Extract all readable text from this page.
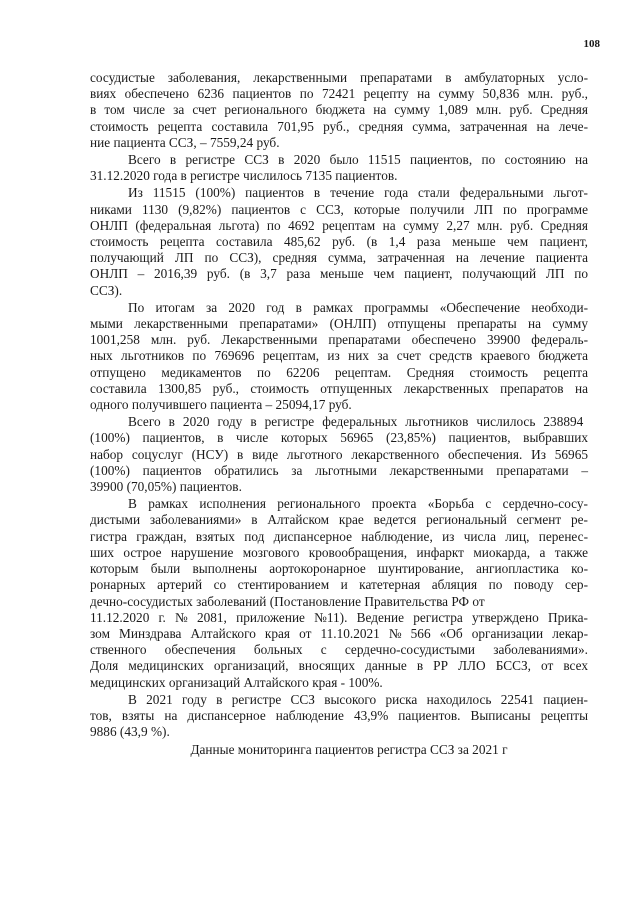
108
сосудистые заболевания, лекарственными препаратами в амбулаторных усло-
виях обеспечено 6236 пациентов по 72421 рецепту на сумму 50,836 млн. руб.,
в том числе за счет регионального бюджета на сумму 1,089 млн. руб. Средняя
стоимость рецепта составила 701,95 руб., средняя сумма, затраченная на лече-
ние пациента ССЗ, – 7559,24 руб.
Всего в регистре ССЗ в 2020 было 11515 пациентов, по состоянию на
31.12.2020 года в регистре числилось 7135 пациентов.
Из 11515 (100%) пациентов в течение года стали федеральными льгот-
никами 1130 (9,82%) пациентов с ССЗ, которые получили ЛП по программе
ОНЛП (федеральная льгота) по 4692 рецептам на сумму 2,27 млн. руб. Средняя
стоимость рецепта составила 485,62 руб. (в 1,4 раза меньше чем пациент,
получающий ЛП по ССЗ), средняя сумма, затраченная на лечение пациента
ОНЛП – 2016,39 руб. (в 3,7 раза меньше чем пациент, получающий ЛП по
ССЗ).
По итогам за 2020 год в рамках программы «Обеспечение необходи-
мыми лекарственными препаратами» (ОНЛП) отпущены препараты на сумму
1001,258 млн. руб. Лекарственными препаратами обеспечено 39900 федераль-
ных льготников по 769696 рецептам, из них за счет средств краевого бюджета
отпущено медикаментов по 62206 рецептам. Средняя стоимость рецепта
составила 1300,85 руб., стоимость отпущенных лекарственных препаратов на
одного получившего пациента – 25094,17 руб.
Всего в 2020 году в регистре федеральных льготников числилось 238894
(100%) пациентов, в числе которых 56965 (23,85%) пациентов, выбравших
набор соцуслуг (НСУ) в виде льготного лекарственного обеспечения. Из 56965
(100%) пациентов обратились за льготными лекарственными препаратами –
39900 (70,05%) пациентов.
В рамках исполнения регионального проекта «Борьба с сердечно-сосу-
дистыми заболеваниями» в Алтайском крае ведется региональный сегмент ре-
гистра граждан, взятых под диспансерное наблюдение, из числа лиц, перенес-
ших острое нарушение мозгового кровообращения, инфаркт миокарда, а также
которым были выполнены аортокоронарное шунтирование, ангиопластика ко-
ронарных артерий со стентированием и катетерная абляция по поводу сер-
дечно-сосудистых заболеваний (Постановление Правительства РФ от
11.12.2020 г. № 2081, приложение №11). Ведение регистра утверждено Прика-
зом Минздрава Алтайского края от 11.10.2021 № 566 «Об организации лекар-
ственного обеспечения больных с сердечно-сосудистыми заболеваниями».
Доля медицинских организаций, вносящих данные в РР ЛЛО БССЗ, от всех
медицинских организаций Алтайского края - 100%.
В 2021 году в регистре ССЗ высокого риска находилось 22541 пациен-
тов, взяты на диспансерное наблюдение 43,9% пациентов. Выписаны рецепты
9886 (43,9 %).
Данные мониторинга пациентов регистра ССЗ за 2021 г
